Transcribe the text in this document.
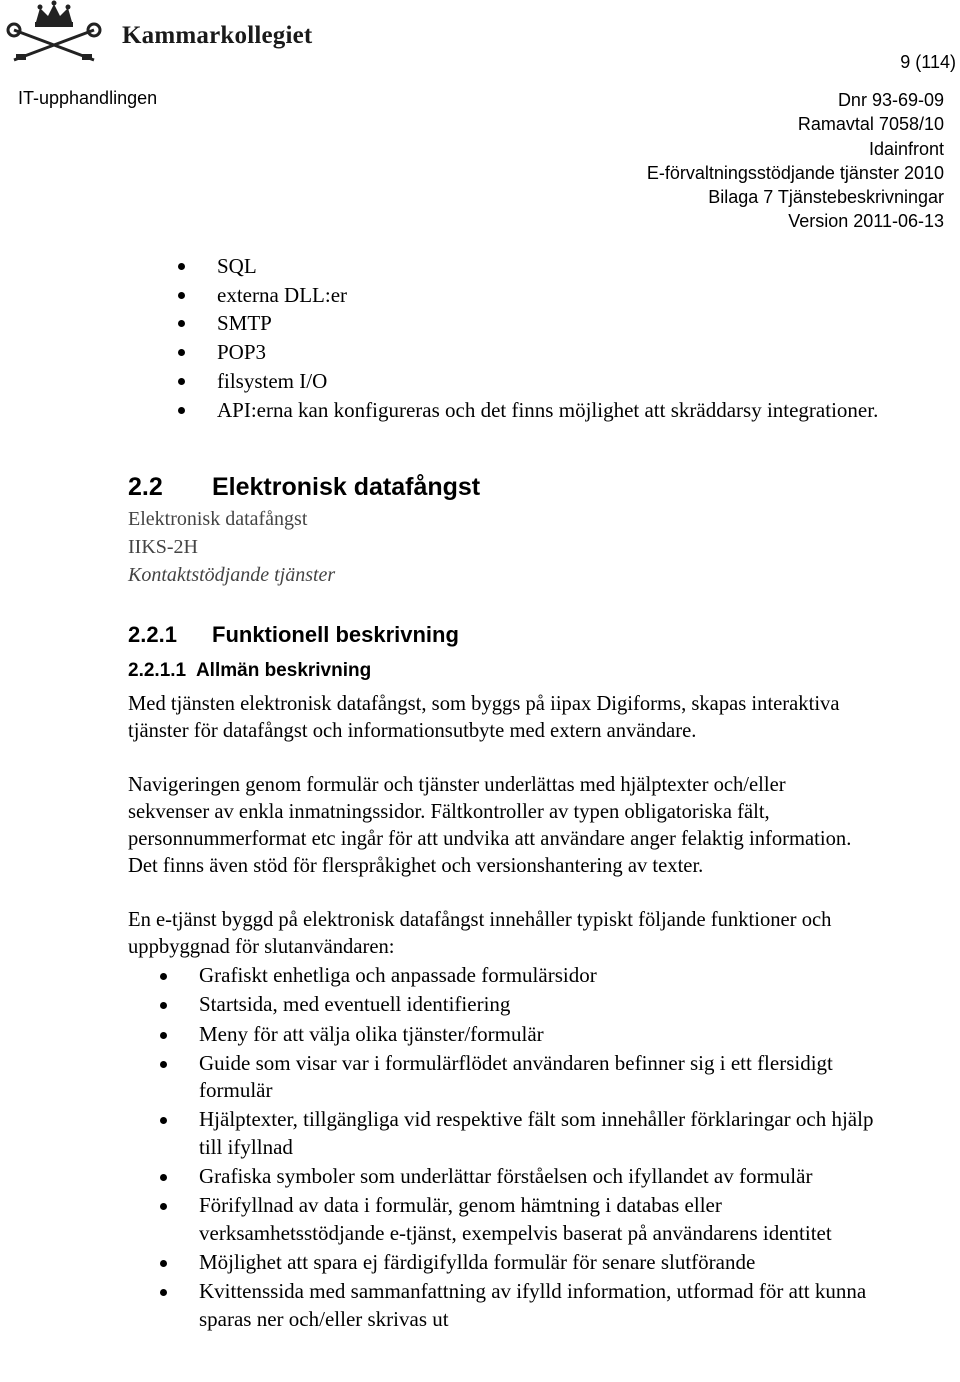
Kammarkollegiet
9 (114)
IT-upphandlingen	Dnr 93-69-09
Ramavtal 7058/10
Idainfront
E-förvaltningsstödjande tjänster 2010
Bilaga 7 Tjänstebeskrivningar
Version 2011-06-13
SQL
externa DLL:er
SMTP
POP3
filsystem I/O
API:erna kan konfigureras och det finns möjlighet att skräddarsy integrationer.
2.2 Elektronisk datafångst
Elektronisk datafångst
IIKS-2H
Kontaktstödjande tjänster
2.2.1 Funktionell beskrivning
2.2.1.1  Allmän beskrivning
Med tjänsten elektronisk datafångst, som byggs på iipax Digiforms, skapas interaktiva tjänster för datafångst och informationsutbyte med extern användare.
Navigeringen genom formulär och tjänster underlättas med hjälptexter och/eller sekvenser av enkla inmatningssidor. Fältkontroller av typen obligatoriska fält, personnummerformat etc ingår för att undvika att användare anger felaktig information. Det finns även stöd för flerspråkighet och versionshantering av texter.
En e-tjänst byggd på elektronisk datafångst innehåller typiskt följande funktioner och uppbyggnad för slutanvändaren:
Grafiskt enhetliga och anpassade formulärsidor
Startsida, med eventuell identifiering
Meny för att välja olika tjänster/formulär
Guide som visar var i formulärflödet användaren befinner sig i ett flersidigt formulär
Hjälptexter, tillgängliga vid respektive fält som innehåller förklaringar och hjälp till ifyllnad
Grafiska symboler som underlättar förståelsen och ifyllandet av formulär
Förifyllnad av data i formulär, genom hämtning i databas eller verksamhetsstödjande e-tjänst, exempelvis baserat på användarens identitet
Möjlighet att spara ej färdigifyllda formulär för senare slutförande
Kvittenssida med sammanfattning av ifylld information, utformad för att kunna sparas ner och/eller skrivas ut
